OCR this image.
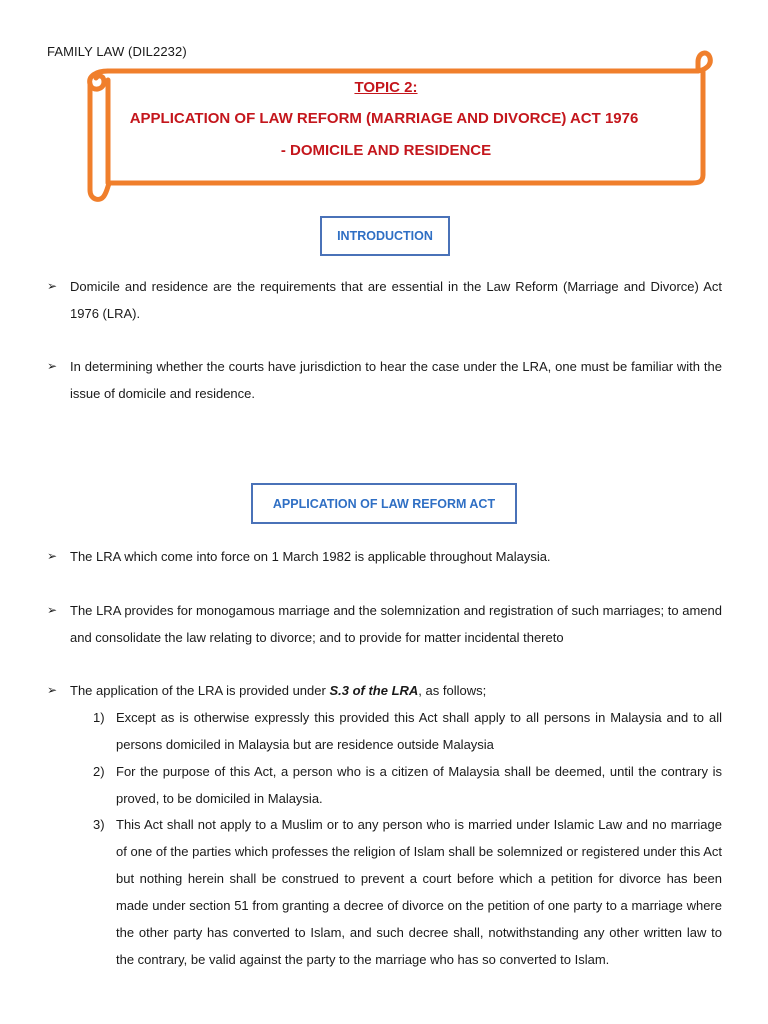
FAMILY LAW (DIL2232)
TOPIC 2:
APPLICATION OF LAW REFORM (MARRIAGE AND DIVORCE) ACT 1976
- DOMICILE AND RESIDENCE
INTRODUCTION
➢ Domicile and residence are the requirements that are essential in the Law Reform (Marriage and Divorce) Act 1976 (LRA).
➢ In determining whether the courts have jurisdiction to hear the case under the LRA, one must be familiar with the issue of domicile and residence.
APPLICATION OF LAW REFORM ACT
➢ The LRA which come into force on 1 March 1982 is applicable throughout Malaysia.
➢ The LRA provides for monogamous marriage and the solemnization and registration of such marriages; to amend and consolidate the law relating to divorce; and to provide for matter incidental thereto
➢ The application of the LRA is provided under S.3 of the LRA, as follows;
1) Except as is otherwise expressly this provided this Act shall apply to all persons in Malaysia and to all persons domiciled in Malaysia but are residence outside Malaysia
2) For the purpose of this Act, a person who is a citizen of Malaysia shall be deemed, until the contrary is proved, to be domiciled in Malaysia.
3) This Act shall not apply to a Muslim or to any person who is married under Islamic Law and no marriage of one of the parties which professes the religion of Islam shall be solemnized or registered under this Act but nothing herein shall be construed to prevent a court before which a petition for divorce has been made under section 51 from granting a decree of divorce on the petition of one party to a marriage where the other party has converted to Islam, and such decree shall, notwithstanding any other written law to the contrary, be valid against the party to the marriage who has so converted to Islam.
